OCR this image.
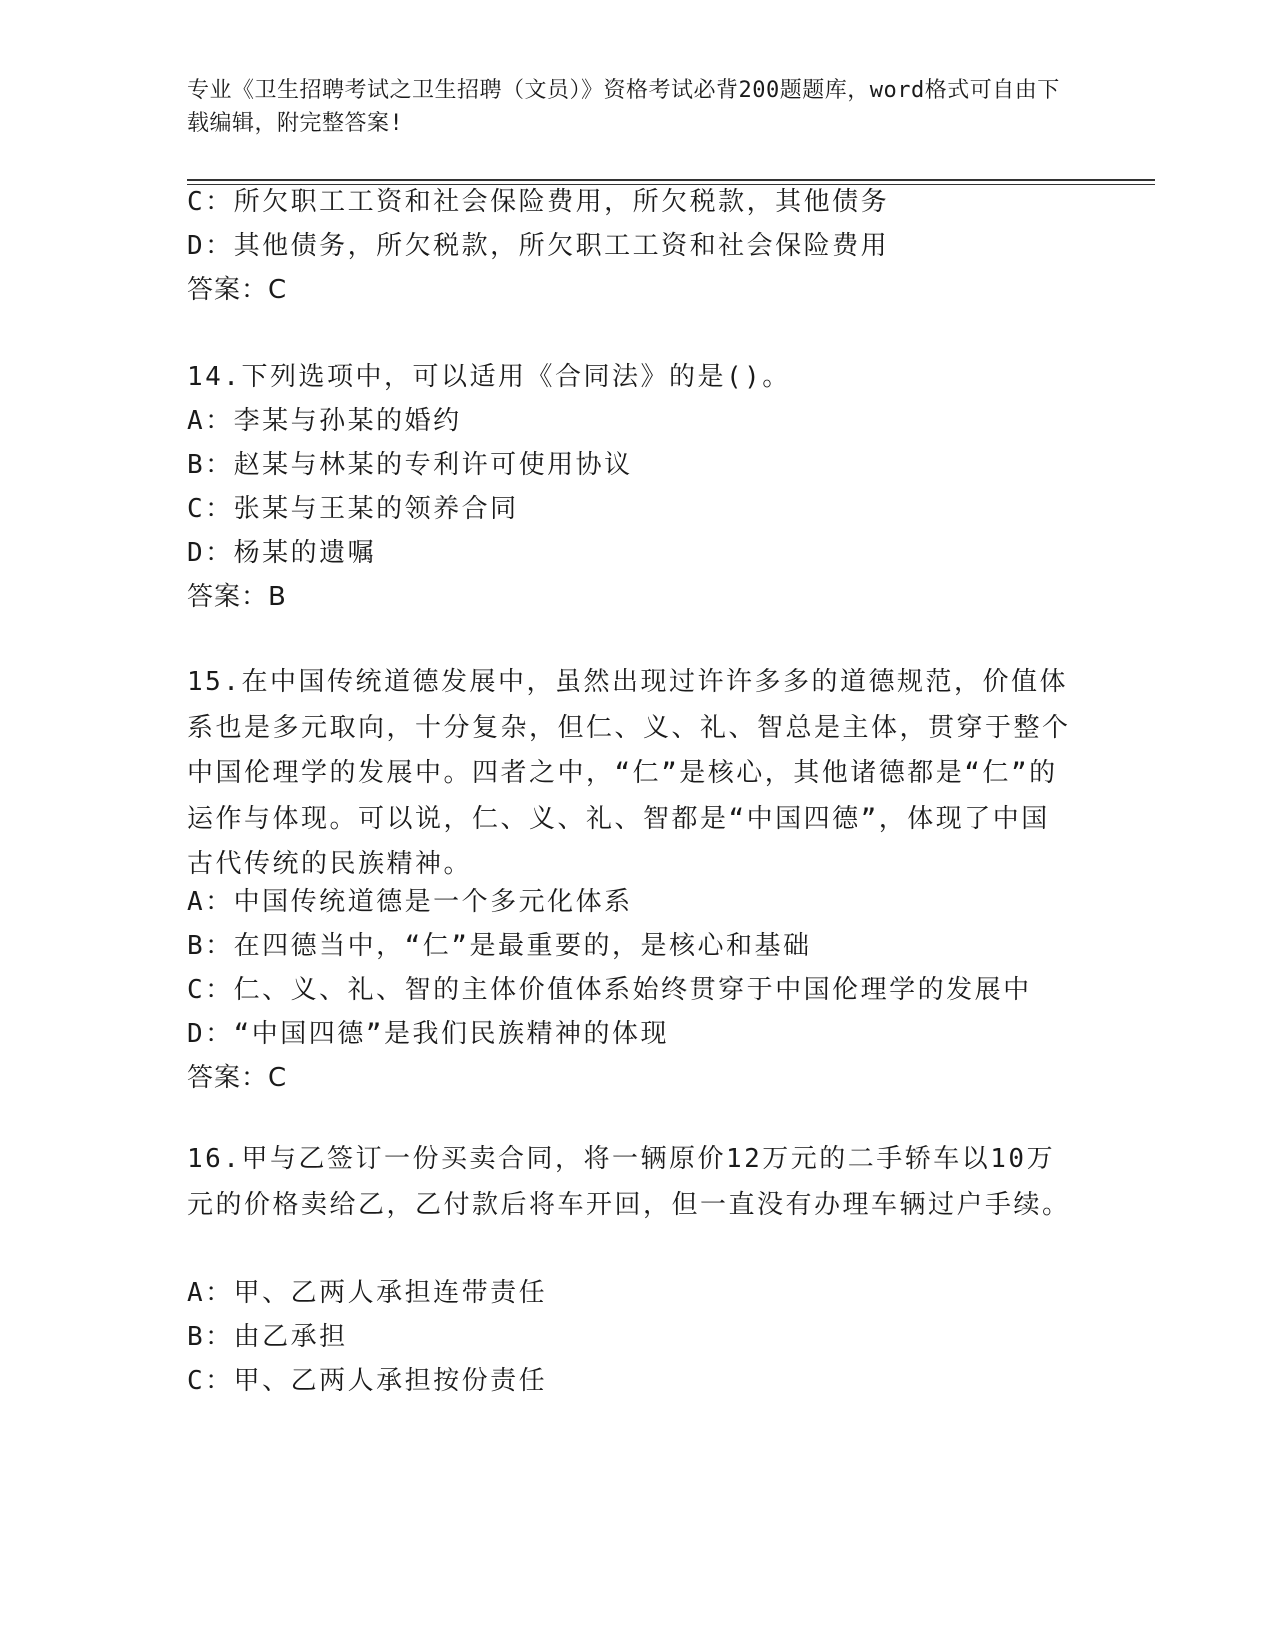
专业《卫生招聘考试之卫生招聘（文员）》资格考试必背200题题库，word格式可自由下载编辑，附完整答案!
C：所欠职工工资和社会保险费用，所欠税款，其他债务
D：其他债务，所欠税款，所欠职工工资和社会保险费用
答案：C
14.下列选项中，可以适用《合同法》的是()。
A：李某与孙某的婚约
B：赵某与林某的专利许可使用协议
C：张某与王某的领养合同
D：杨某的遗嘱
答案：B
15.在中国传统道德发展中，虽然出现过许许多多的道德规范，价值体系也是多元取向，十分复杂，但仁、义、礼、智总是主体，贯穿于整个中国伦理学的发展中。四者之中，“仁”是核心，其他诸德都是“仁”的运作与体现。可以说，仁、义、礼、智都是“中国四德”，体现了中国古代传统的民族精神。
A：中国传统道德是一个多元化体系
B：在四德当中，“仁”是最重要的，是核心和基础
C：仁、义、礼、智的主体价值体系始终贯穿于中国伦理学的发展中
D：“中国四德”是我们民族精神的体现
答案：C
16.甲与乙签订一份买卖合同，将一辆原价12万元的二手轿车以10万元的价格卖给乙，乙付款后将车开回，但一直没有办理车辆过户手续。
A：甲、乙两人承担连带责任
B：由乙承担
C：甲、乙两人承担按份责任
